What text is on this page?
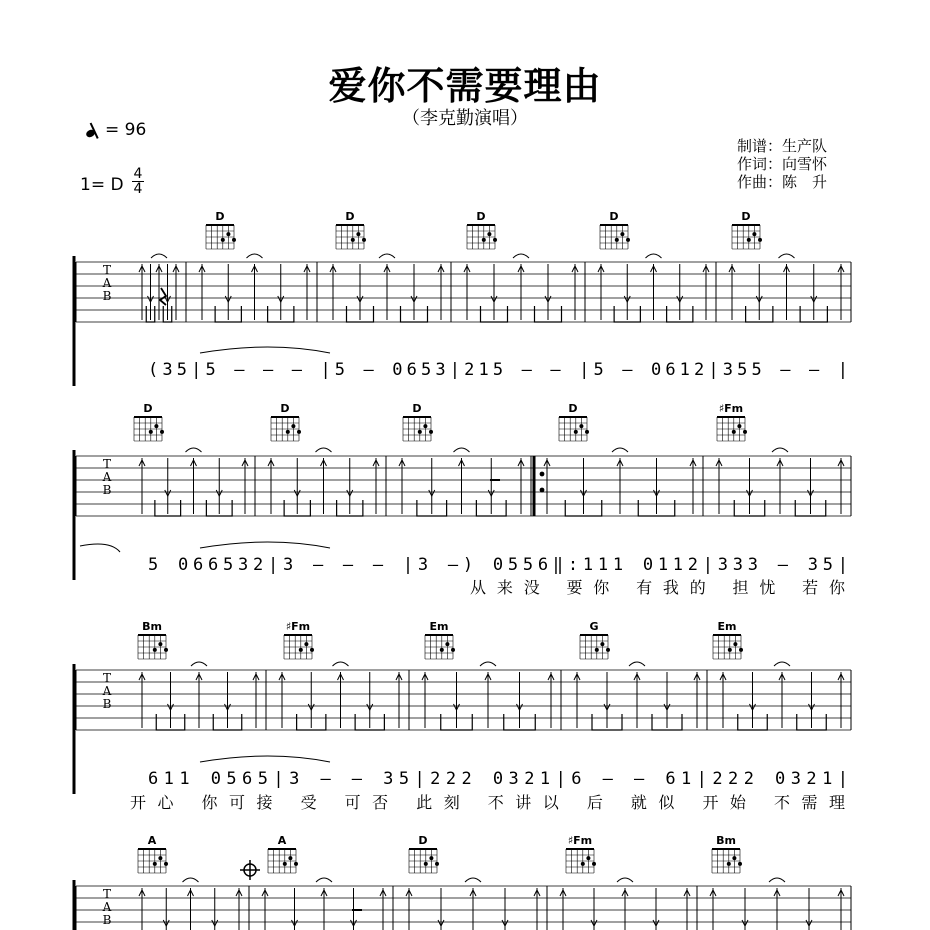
爱你不需要理由
（李克勤演唱）
= 96
1= D
4
4
制谱：生产队
作词：向雪怀
作曲：陈　升
T
A
B
D	D	D	D	D
(35|5 — — — |5 — 0653|215 — — |5 — 0612|355 — — |
T
A
B
D	D	D	D	♯Fm
5 066532|3 — — — |3 —) 0556‖:111 0112|333 — 35|
从来没 要你 有我的 担忧 若你
T
A
B
Bm	♯Fm	Em	G	Em
611 0565|3 — — 35|222 0321|6 — — 61|222 0321|
开心 你可接 受 可否 此刻 不讲以 后 就似 开始 不需理
T
A
B
A	A	D	♯Fm	Bm
